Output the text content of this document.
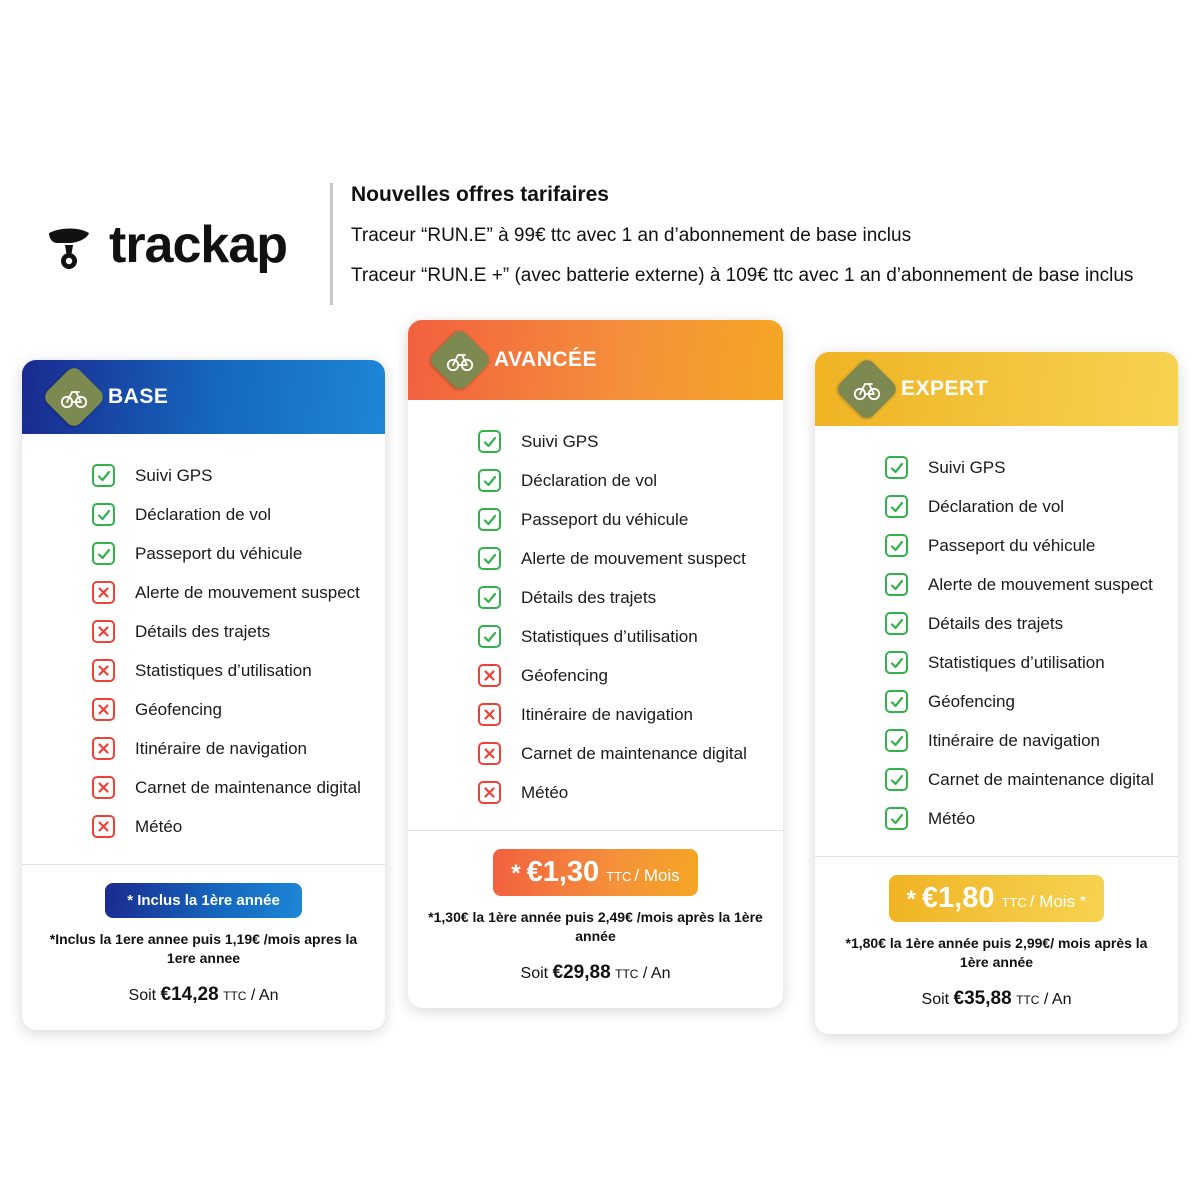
trackap
Nouvelles offres tarifaires
Traceur “RUN.E” à 99€ ttc avec 1 an d’abonnement de base inclus
Traceur “RUN.E +” (avec batterie externe) à 109€ ttc avec 1 an d’abonnement de base inclus
BASE
Suivi GPS
Déclaration de vol
Passeport du véhicule
Alerte de mouvement suspect
Détails des trajets
Statistiques d’utilisation
Géofencing
Itinéraire de navigation
Carnet de maintenance digital
Météo
* Inclus la 1ère année
*Inclus la 1ere annee puis 1,19€ /mois apres la 1ere annee
Soit €14,28 TTC / An
AVANCÉE
Suivi GPS
Déclaration de vol
Passeport du véhicule
Alerte de mouvement suspect
Détails des trajets
Statistiques d’utilisation
Géofencing
Itinéraire de navigation
Carnet de maintenance digital
Météo
* €1,30 TTC / Mois
*1,30€ la 1ère année puis 2,49€ /mois après la 1ère année
Soit €29,88 TTC / An
EXPERT
Suivi GPS
Déclaration de vol
Passeport du véhicule
Alerte de mouvement suspect
Détails des trajets
Statistiques d’utilisation
Géofencing
Itinéraire de navigation
Carnet de maintenance digital
Météo
* €1,80 TTC / Mois *
*1,80€ la 1ère année puis 2,99€/ mois après la 1ère année
Soit €35,88 TTC / An
